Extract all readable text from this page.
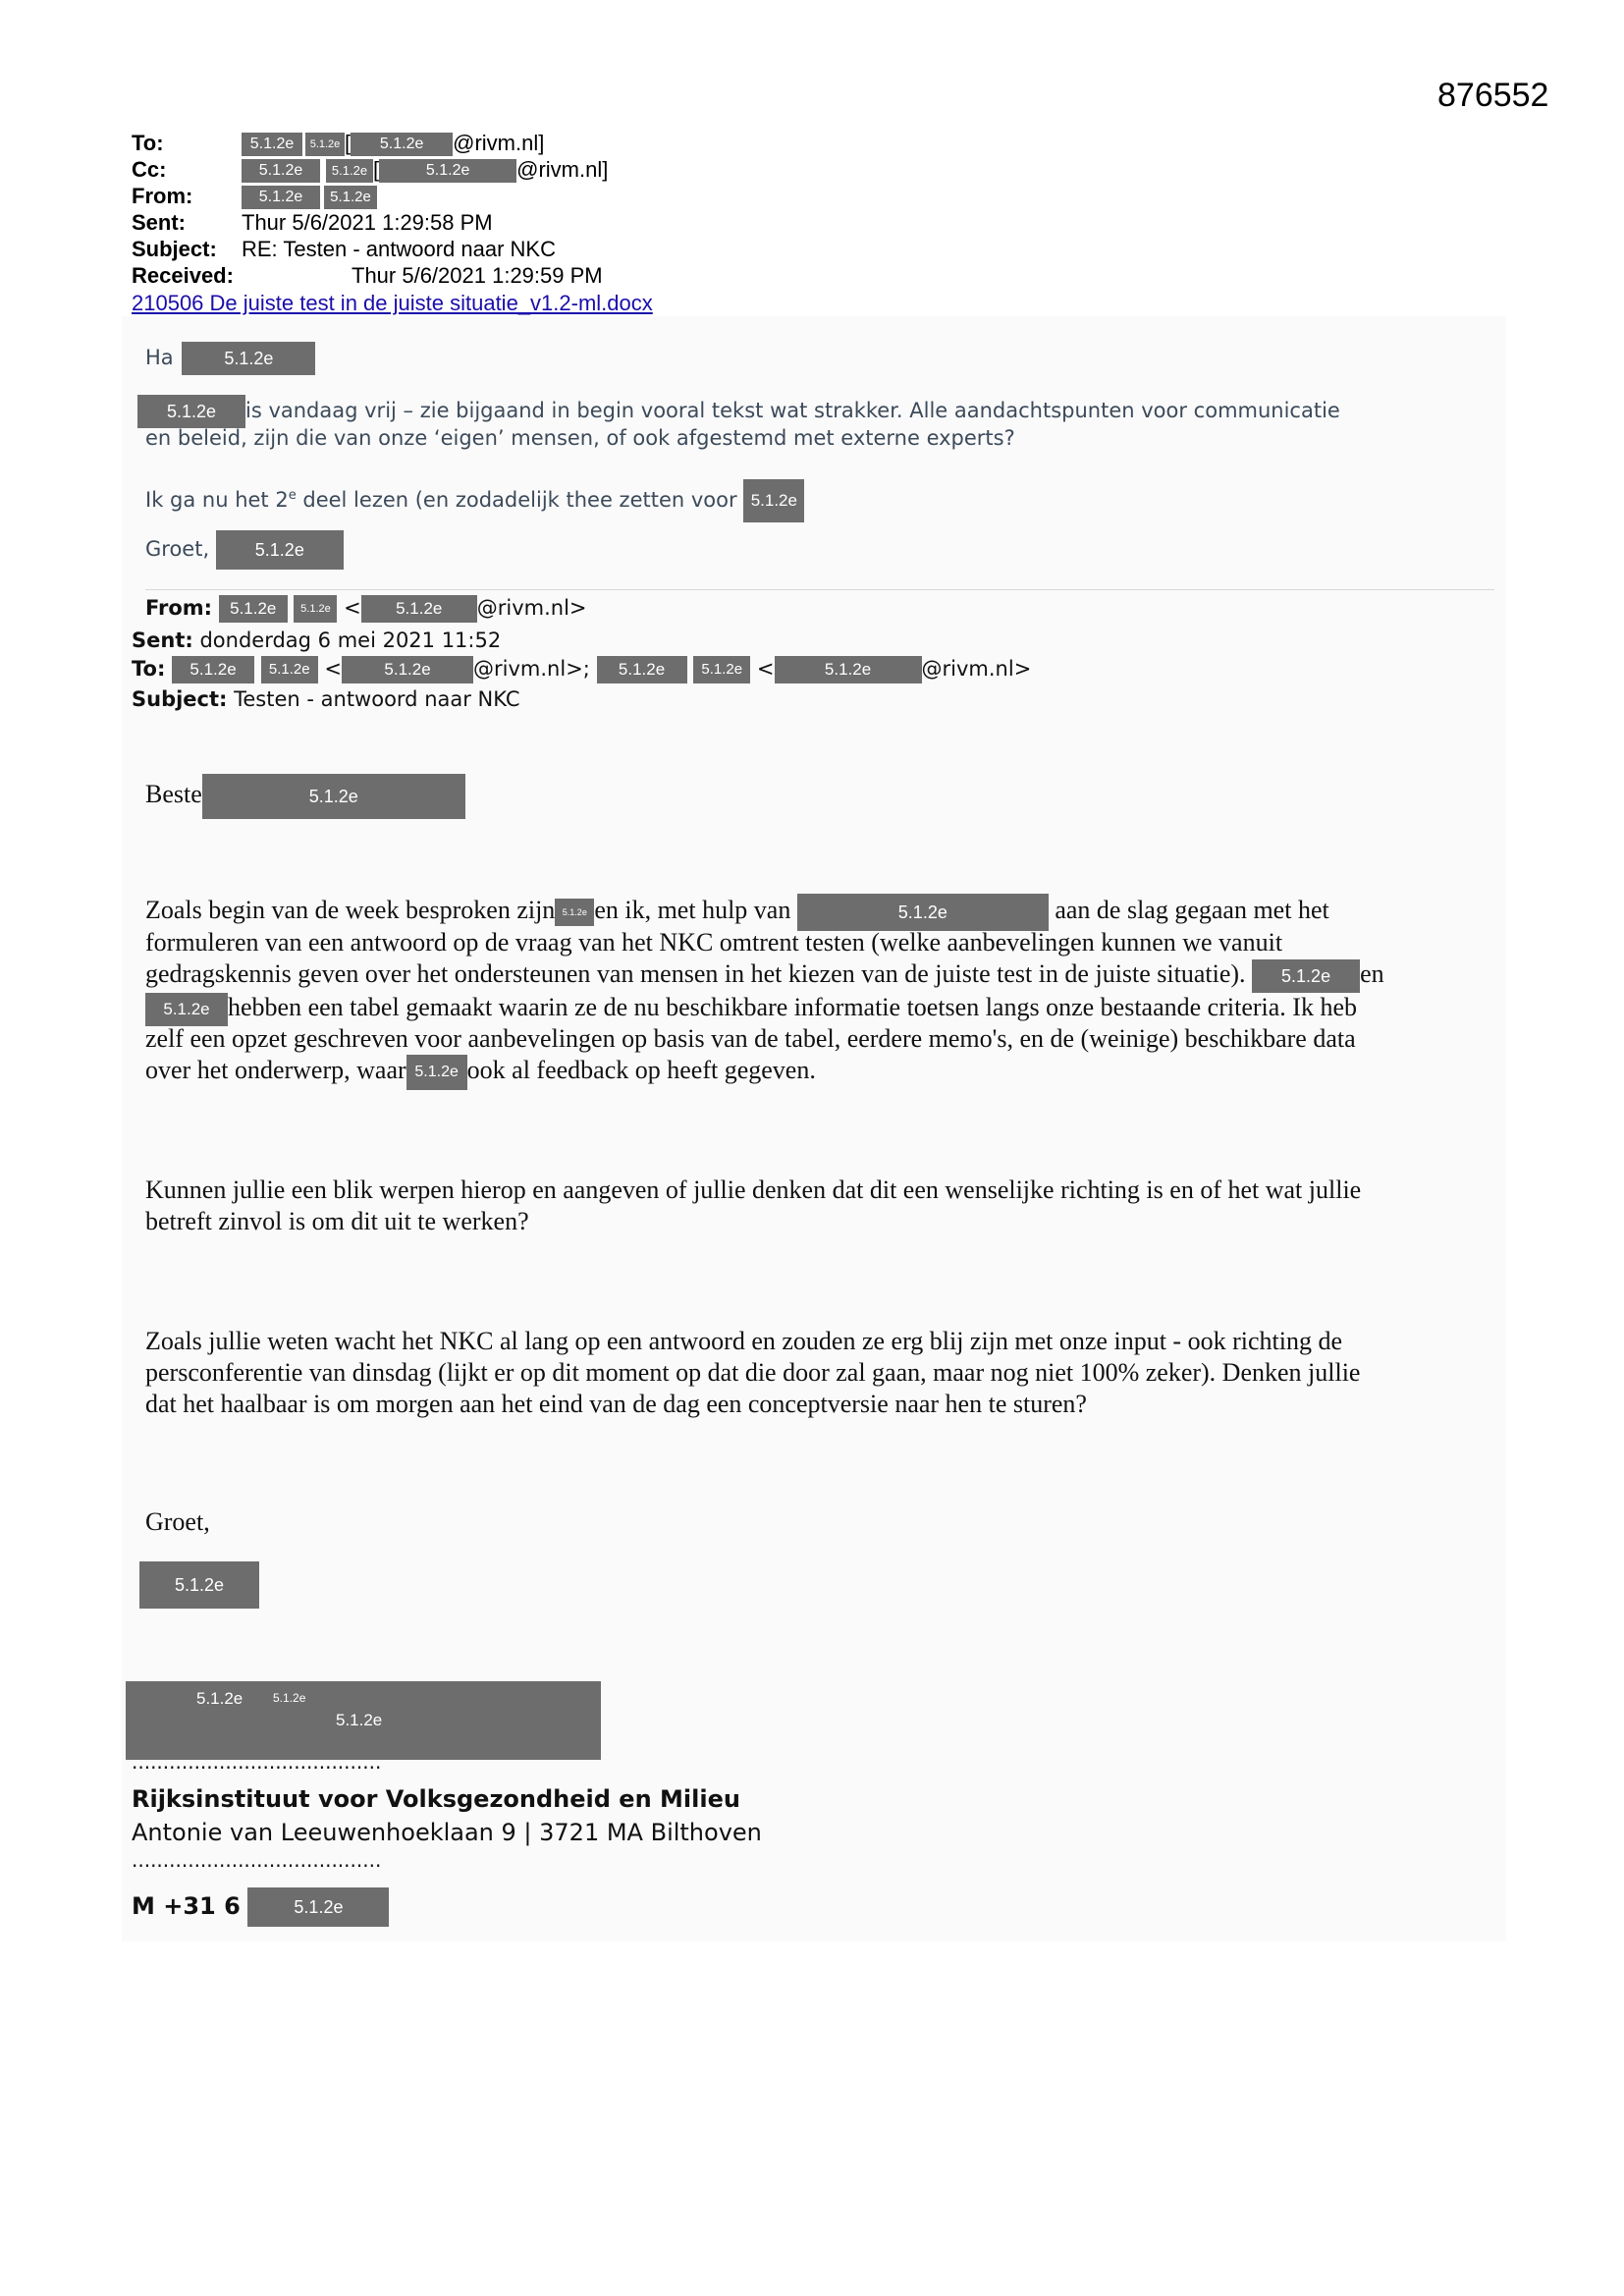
876552
To:	5.1.2e 5.1.2e [ 5.1.2e @rivm.nl]
Cc:	5.1.2e 5.1.2e [	5.1.2e @rivm.nl]
From:	5.1.2e 5.1.2e
Sent:	Thur 5/6/2021 1:29:58 PM
Subject: RE: Testen - antwoord naar NKC
Received:	Thur 5/6/2021 1:29:59 PM
210506 De juiste test in de juiste situatie_v1.2-ml.docx
Ha	5.1.2e
5.1.2e is vandaag vrij – zie bijgaand in begin vooral tekst wat strakker. Alle aandachtspunten voor communicatie
en beleid, zijn die van onze ‘eigen’ mensen, of ook afgestemd met externe experts?
Ik ga nu het 2e deel lezen (en zodadelijk thee zetten voor 5.1.2e
Groet,	5.1.2e
From: 5.1.2e 5.1.2e < 5.1.2e @rivm.nl>
Sent: donderdag 6 mei 2021 11:52
To: 5.1.2e 5.1.2e <	5.1.2e @rivm.nl>; 5.1.2e 5.1.2e <	5.1.2e @rivm.nl>
Subject: Testen - antwoord naar NKC
Beste	5.1.2e
Zoals begin van de week besproken zijn 5.1.2e en ik, met hulp van	5.1.2e	aan de slag gegaan met het
formuleren van een antwoord op de vraag van het NKC omtrent testen (welke aanbevelingen kunnen we vanuit
gedragskennis geven over het ondersteunen van mensen in het kiezen van de juiste test in de juiste situatie). 5.1.2e en
5.1.2e hebben een tabel gemaakt waarin ze de nu beschikbare informatie toetsen langs onze bestaande criteria. Ik heb
zelf een opzet geschreven voor aanbevelingen op basis van de tabel, eerdere memo's, en de (weinige) beschikbare data
over het onderwerp, waar 5.1.2e ook al feedback op heeft gegeven.
Kunnen jullie een blik werpen hierop en aangeven of jullie denken dat dit een wenselijke richting is en of het wat jullie
betreft zinvol is om dit uit te werken?
Zoals jullie weten wacht het NKC al lang op een antwoord en zouden ze erg blij zijn met onze input - ook richting de
persconferentie van dinsdag (lijkt er op dit moment op dat die door zal gaan, maar nog niet 100% zeker). Denken jullie
dat het haalbaar is om morgen aan het eind van de dag een conceptversie naar hen te sturen?
Groet,
5.1.2e
5.1.2e	5.1.2e
5.1.2e
........................................
Rijksinstituut voor Volksgezondheid en Milieu
Antonie van Leeuwenhoeklaan 9 | 3721 MA Bilthoven
........................................
M +31 6	5.1.2e
